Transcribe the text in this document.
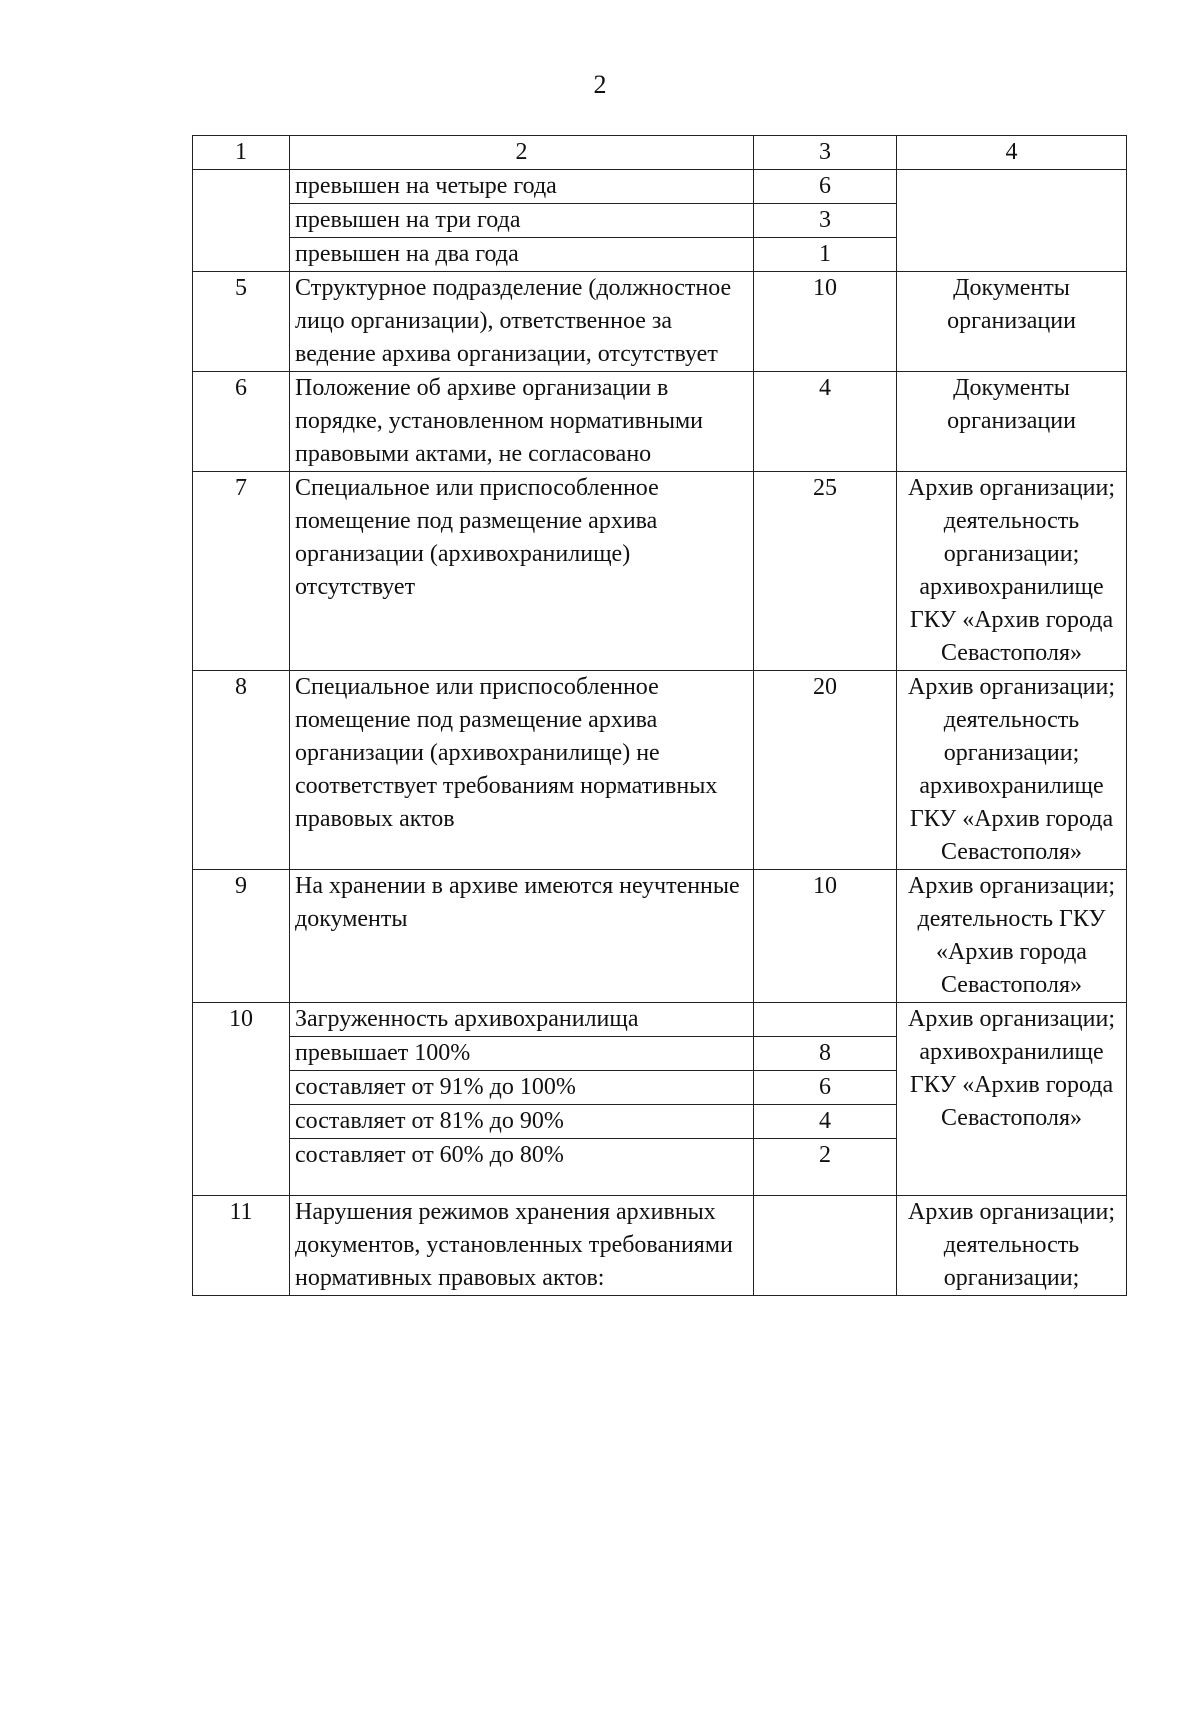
2
1	2	3	4
	превышен на четыре года	6	
	превышен на три года	3	
	превышен на два года	1	
5	Структурное подразделение (должностное лицо организации), ответственное за ведение архива организации, отсутствует	10	Документы организации
6	Положение об архиве организации в порядке, установленном нормативными правовыми актами, не согласовано	4	Документы организации
7	Специальное или приспособленное помещение под размещение архива организации (архивохранилище) отсутствует	25	Архив организации; деятельность организации; архивохранилище ГКУ «Архив города Севастополя»
8	Специальное или приспособленное помещение под размещение архива организации (архивохранилище) не соответствует требованиям нормативных правовых актов	20	Архив организации; деятельность организации; архивохранилище ГКУ «Архив города Севастополя»
9	На хранении в архиве имеются неучтенные документы	10	Архив организации; деятельность ГКУ «Архив города Севастополя»
10	Загруженность архивохранилища		Архив организации; архивохранилище ГКУ «Архив города Севастополя»
	превышает 100%	8	
	составляет от 91% до 100%	6	
	составляет от 81% до 90%	4	
	составляет от 60% до 80%	2	
11	Нарушения режимов хранения архивных документов, установленных требованиями нормативных правовых актов:		Архив организации; деятельность организации;
